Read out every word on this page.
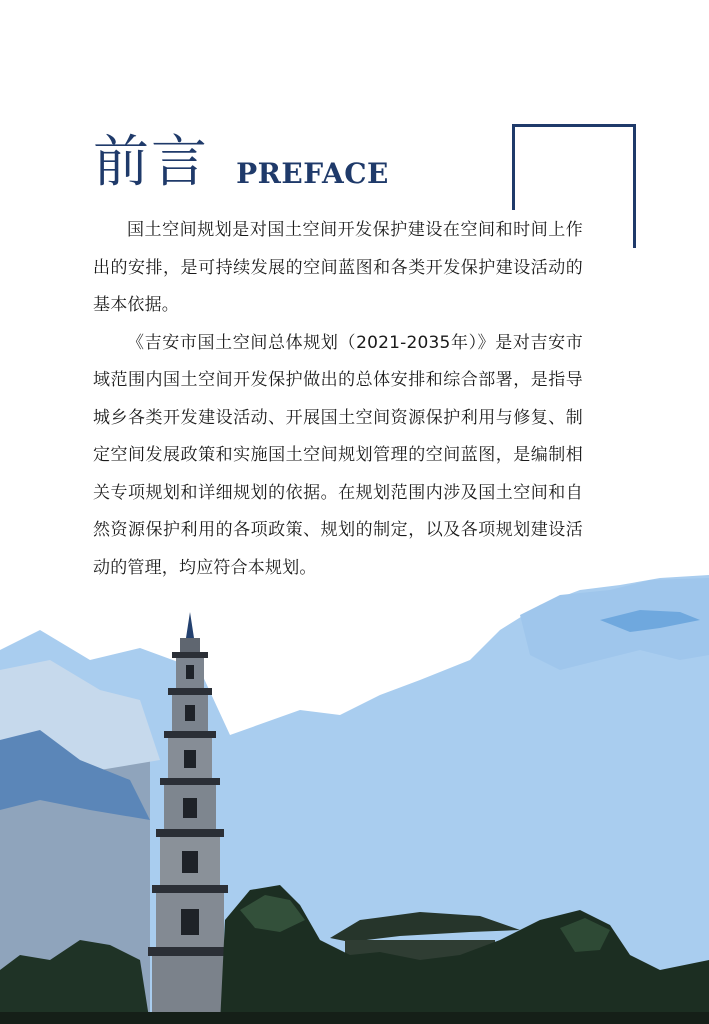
前言 PREFACE

国土空间规划是对国土空间开发保护建设在空间和时间上作出的安排，是可持续发展的空间蓝图和各类开发保护建设活动的基本依据。

《吉安市国土空间总体规划（2021-2035年）》是对吉安市域范围内国土空间开发保护做出的总体安排和综合部署，是指导城乡各类开发建设活动、开展国土空间资源保护利用与修复、制定空间发展政策和实施国土空间规划管理的空间蓝图，是编制相关专项规划和详细规划的依据。在规划范围内涉及国土空间和自然资源保护利用的各项政策、规划的制定，以及各项规划建设活动的管理，均应符合本规划。
